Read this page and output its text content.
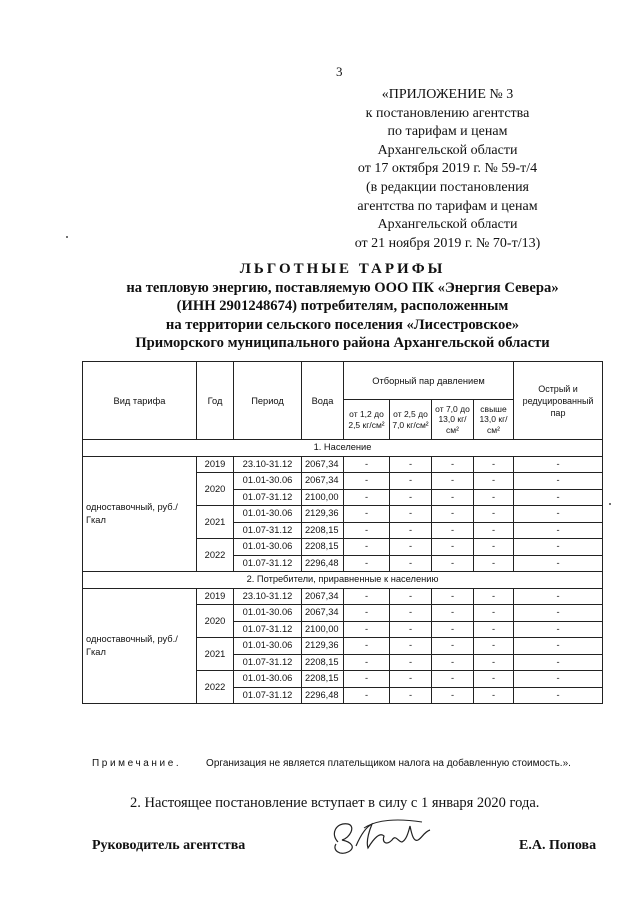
3
«ПРИЛОЖЕНИЕ № 3
к постановлению агентства
по тарифам и ценам
Архангельской области
от 17 октября 2019 г. № 59-т/4
(в редакции постановления
агентства по тарифам и ценам
Архангельской области
от 21 ноября 2019 г. № 70-т/13)
ЛЬГОТНЫЕ ТАРИФЫ
на тепловую энергию, поставляемую ООО ПК «Энергия Севера»
(ИНН 2901248674) потребителям, расположенным
на территории сельского поселения «Лисестровское»
Приморского муниципального района Архангельской области
Вид тарифа	Год	Период	Вода	Отборный пар давлением				Острый и редуцированный пар
				от 1,2 до 2,5 кг/см²	от 2,5 до 7,0 кг/см²	от 7,0 до 13,0 кг/см²	свыше 13,0 кг/см²	
1. Население								
одноставочный, руб./Гкал	2019	23.10-31.12	2067,34	-	-	-	-	-
	2020	01.01-30.06	2067,34	-	-	-	-	-
		01.07-31.12	2100,00	-	-	-	-	-
	2021	01.01-30.06	2129,36	-	-	-	-	-
		01.07-31.12	2208,15	-	-	-	-	-
	2022	01.01-30.06	2208,15	-	-	-	-	-
		01.07-31.12	2296,48	-	-	-	-	-
2. Потребители, приравненные к населению								
одноставочный, руб./Гкал	2019	23.10-31.12	2067,34	-	-	-	-	-
	2020	01.01-30.06	2067,34	-	-	-	-	-
		01.07-31.12	2100,00	-	-	-	-	-
	2021	01.01-30.06	2129,36	-	-	-	-	-
		01.07-31.12	2208,15	-	-	-	-	-
	2022	01.01-30.06	2208,15	-	-	-	-	-
		01.07-31.12	2296,48	-	-	-	-	-
Примечание. Организация не является плательщиком налога на добавленную стоимость.».
2. Настоящее постановление вступает в силу с 1 января 2020 года.
Руководитель агентства	Е.А. Попова
